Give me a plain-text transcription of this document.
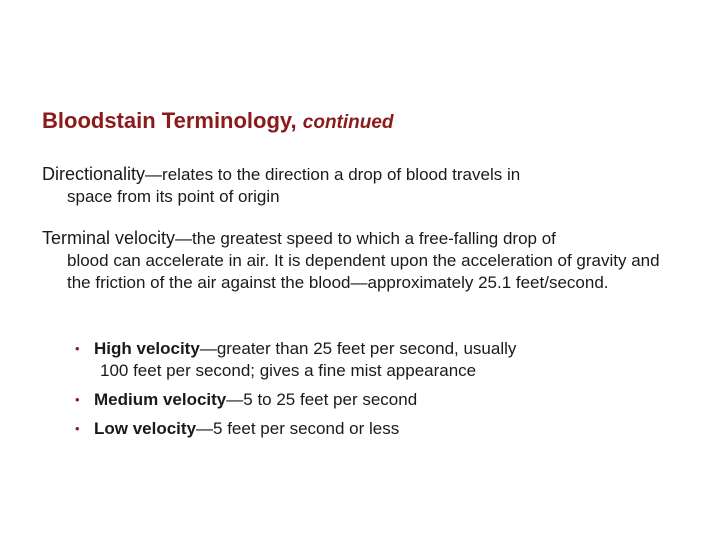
Bloodstain Terminology, continued
Directionality—relates to the direction a drop of blood travels in
space from its point of origin
Terminal velocity—the greatest speed to which a free-falling drop of
blood can accelerate in air. It is dependent upon the acceleration of gravity and the friction of the air against the blood—approximately 25.1 feet/second.
• High velocity—greater than 25 feet per second, usually
100 feet per second; gives a fine mist appearance
• Medium velocity—5 to 25 feet per second
• Low velocity—5 feet per second or less
